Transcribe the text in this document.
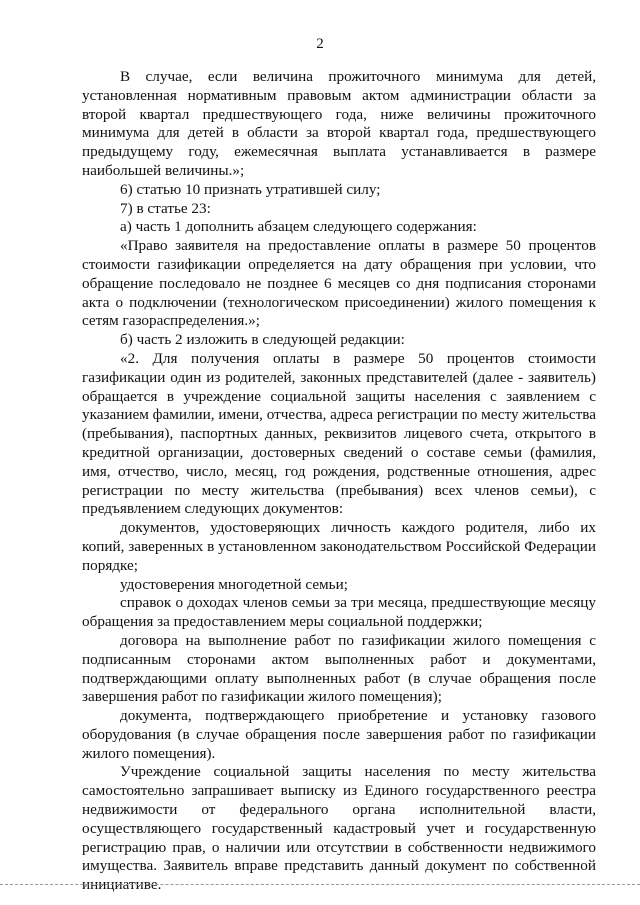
2

В случае, если величина прожиточного минимума для детей, установленная нормативным правовым актом администрации области за второй квартал предшествующего года, ниже величины прожиточного минимума для детей в области за второй квартал года, предшествующего предыдущему году, ежемесячная выплата устанавливается в размере наибольшей величины.»;

6) статью 10 признать утратившей силу;

7) в статье 23:

а) часть 1 дополнить абзацем следующего содержания:

«Право заявителя на предоставление оплаты в размере 50 процентов стоимости газификации определяется на дату обращения при условии, что обращение последовало не позднее 6 месяцев со дня подписания сторонами акта о подключении (технологическом присоединении) жилого помещения к сетям газораспределения.»;

б) часть 2 изложить в следующей редакции:

«2. Для получения оплаты в размере 50 процентов стоимости газификации один из родителей, законных представителей (далее - заявитель) обращается в учреждение социальной защиты населения с заявлением с указанием фамилии, имени, отчества, адреса регистрации по месту жительства (пребывания), паспортных данных, реквизитов лицевого счета, открытого в кредитной организации, достоверных сведений о составе семьи (фамилия, имя, отчество, число, месяц, год рождения, родственные отношения, адрес регистрации по месту жительства (пребывания) всех членов семьи), с предъявлением следующих документов:

документов, удостоверяющих личность каждого родителя, либо их копий, заверенных в установленном законодательством Российской Федерации порядке;

удостоверения многодетной семьи;

справок о доходах членов семьи за три месяца, предшествующие месяцу обращения за предоставлением меры социальной поддержки;

договора на выполнение работ по газификации жилого помещения с подписанным сторонами актом выполненных работ и документами, подтверждающими оплату выполненных работ (в случае обращения после завершения работ по газификации жилого помещения);

документа, подтверждающего приобретение и установку газового оборудования (в случае обращения после завершения работ по газификации жилого помещения).

Учреждение социальной защиты населения по месту жительства самостоятельно запрашивает выписку из Единого государственного реестра недвижимости от федерального органа исполнительной власти, осуществляющего государственный кадастровый учет и государственную регистрацию прав, о наличии или отсутствии в собственности недвижимого имущества. Заявитель вправе представить данный документ по собственной инициативе.
